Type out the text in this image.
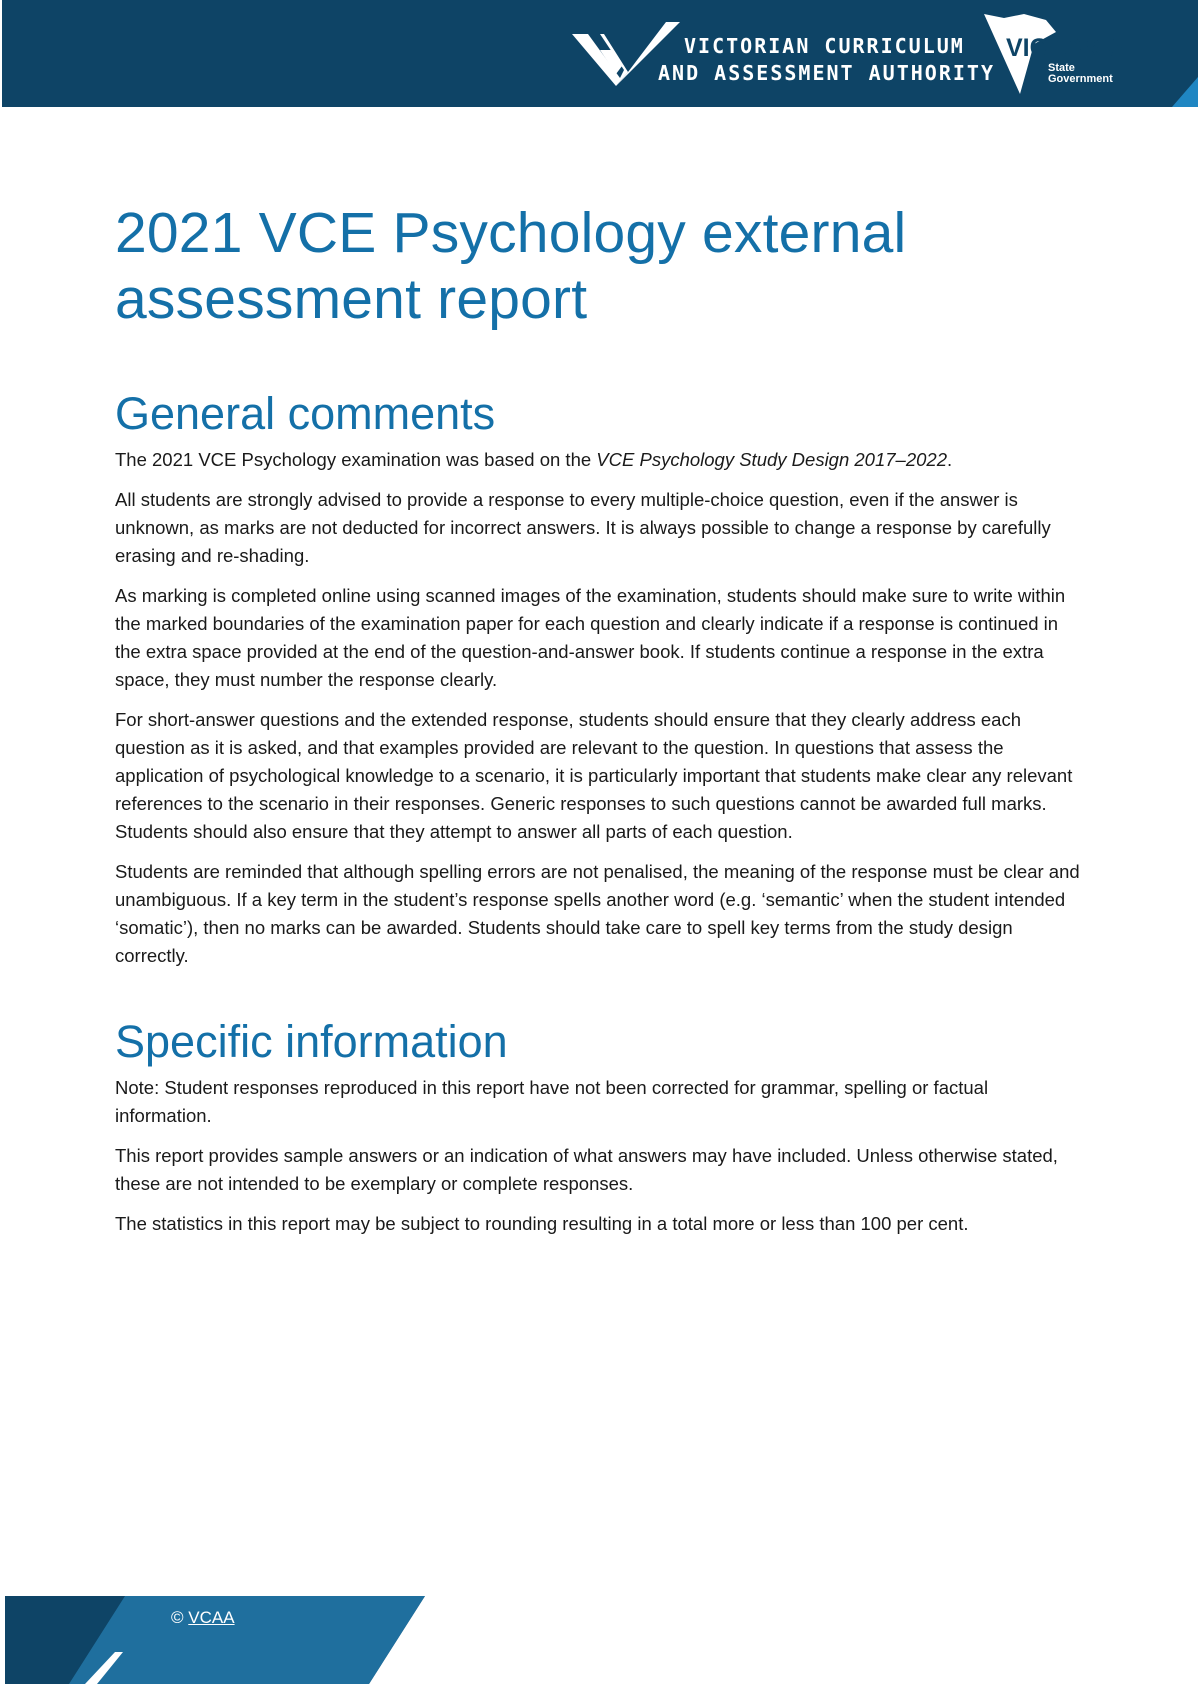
VICTORIAN CURRICULUM
AND ASSESSMENT AUTHORITY
VICTORIA
State
Government
2021 VCE Psychology external assessment report
General comments

The 2021 VCE Psychology examination was based on the VCE Psychology Study Design 2017–2022.

All students are strongly advised to provide a response to every multiple-choice question, even if the answer is unknown, as marks are not deducted for incorrect answers. It is always possible to change a response by carefully erasing and re-shading.

As marking is completed online using scanned images of the examination, students should make sure to write within the marked boundaries of the examination paper for each question and clearly indicate if a response is continued in the extra space provided at the end of the question-and-answer book. If students continue a response in the extra space, they must number the response clearly.

For short-answer questions and the extended response, students should ensure that they clearly address each question as it is asked, and that examples provided are relevant to the question. In questions that assess the application of psychological knowledge to a scenario, it is particularly important that students make clear any relevant references to the scenario in their responses. Generic responses to such questions cannot be awarded full marks. Students should also ensure that they attempt to answer all parts of each question.

Students are reminded that although spelling errors are not penalised, the meaning of the response must be clear and unambiguous. If a key term in the student’s response spells another word (e.g. ‘semantic’ when the student intended ‘somatic’), then no marks can be awarded. Students should take care to spell key terms from the study design correctly.

Specific information

Note: Student responses reproduced in this report have not been corrected for grammar, spelling or factual information.

This report provides sample answers or an indication of what answers may have included. Unless otherwise stated, these are not intended to be exemplary or complete responses.

The statistics in this report may be subject to rounding resulting in a total more or less than 100 per cent.

© VCAA
